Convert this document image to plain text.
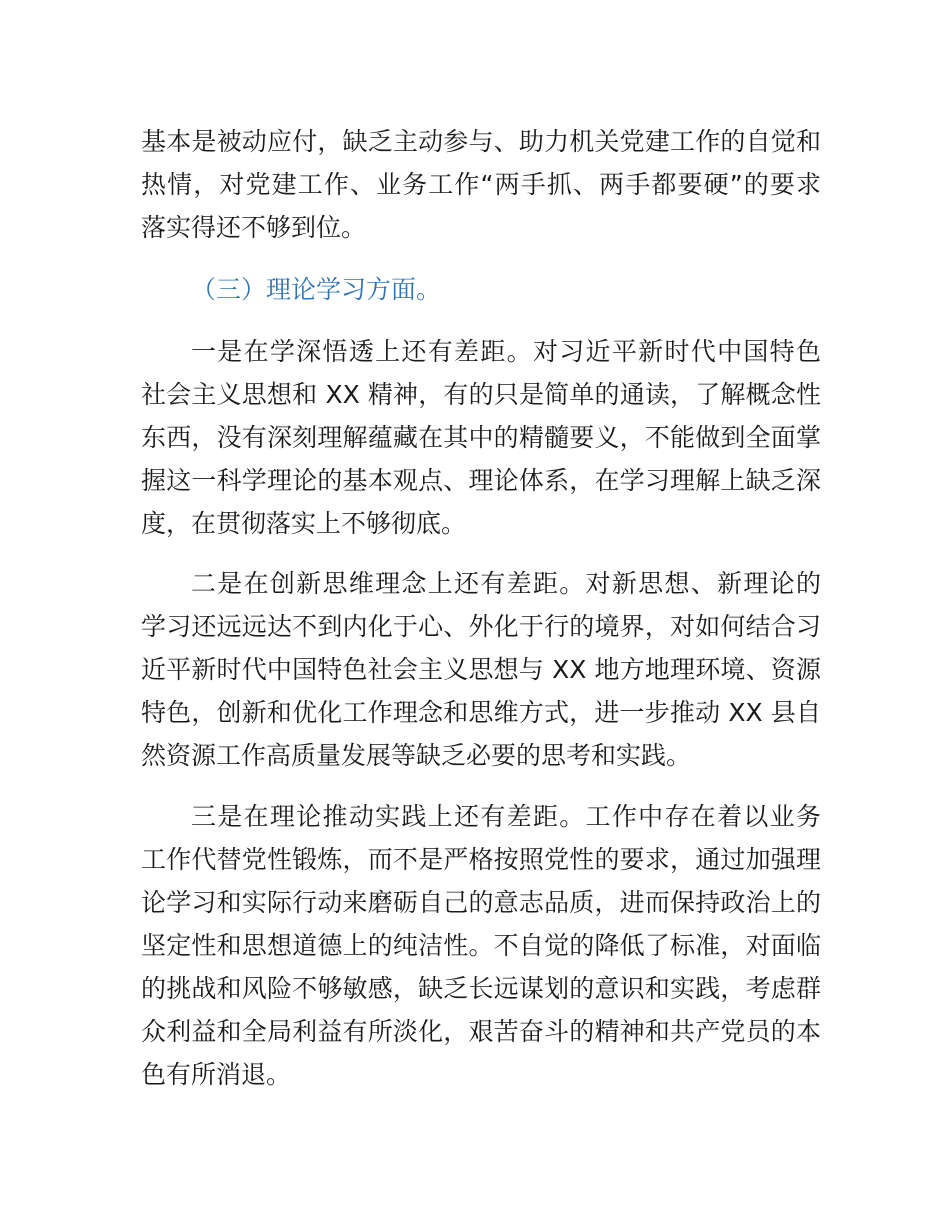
基本是被动应付，缺乏主动参与、助力机关党建工作的自觉和
热情，对党建工作、业务工作“两手抓、两手都要硬”的要求
落实得还不够到位。
（三）理论学习方面。
一是在学深悟透上还有差距。对习近平新时代中国特色
社会主义思想和 XX 精神，有的只是简单的通读，了解概念性
东西，没有深刻理解蕴藏在其中的精髓要义，不能做到全面掌
握这一科学理论的基本观点、理论体系，在学习理解上缺乏深
度，在贯彻落实上不够彻底。
二是在创新思维理念上还有差距。对新思想、新理论的
学习还远远达不到内化于心、外化于行的境界，对如何结合习
近平新时代中国特色社会主义思想与 XX 地方地理环境、资源
特色，创新和优化工作理念和思维方式，进一步推动 XX 县自
然资源工作高质量发展等缺乏必要的思考和实践。
三是在理论推动实践上还有差距。工作中存在着以业务
工作代替党性锻炼，而不是严格按照党性的要求，通过加强理
论学习和实际行动来磨砺自己的意志品质，进而保持政治上的
坚定性和思想道德上的纯洁性。不自觉的降低了标准，对面临
的挑战和风险不够敏感，缺乏长远谋划的意识和实践，考虑群
众利益和全局利益有所淡化，艰苦奋斗的精神和共产党员的本
色有所消退。
